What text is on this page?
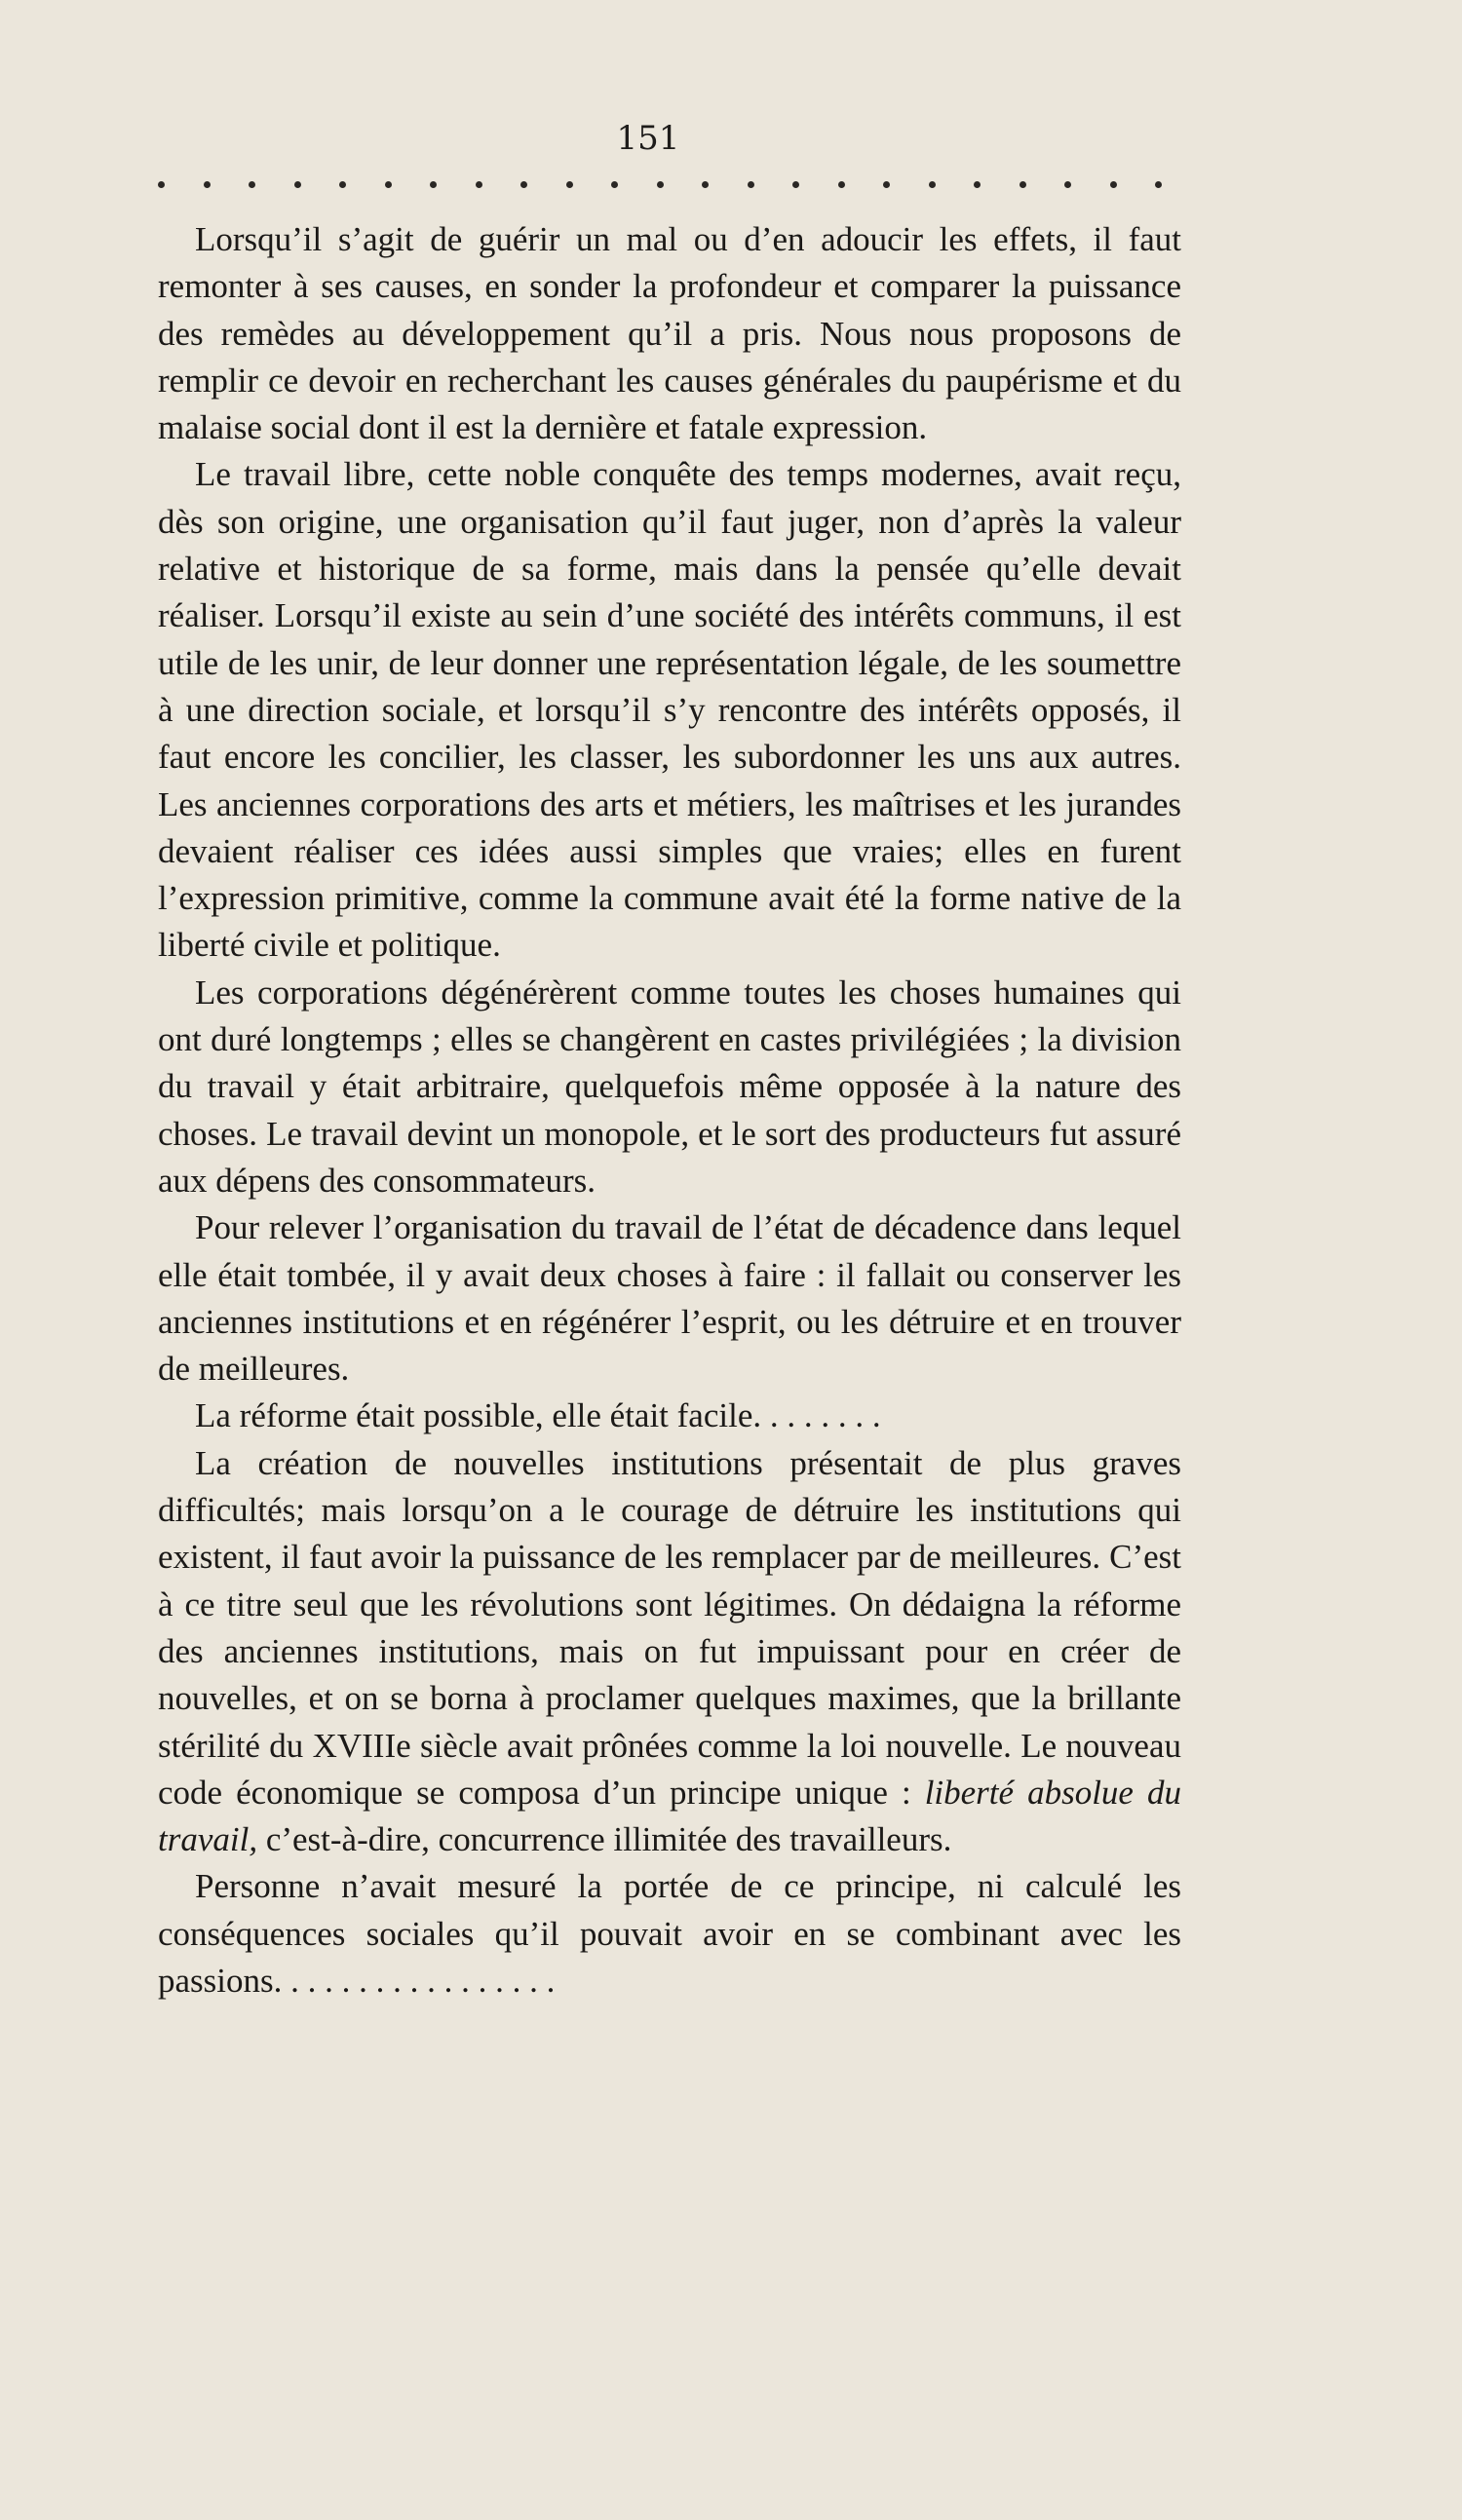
151

Lorsqu’il s’agit de guérir un mal ou d’en adoucir les effets, il faut remonter à ses causes, en sonder la profondeur et comparer la puissance des remèdes au développement qu’il a pris. Nous nous proposons de remplir ce devoir en recherchant les causes générales du paupérisme et du malaise social dont il est la dernière et fatale expression.

Le travail libre, cette noble conquête des temps modernes, avait reçu, dès son origine, une organisation qu’il faut juger, non d’après la valeur relative et historique de sa forme, mais dans la pensée qu’elle devait réaliser. Lorsqu’il existe au sein d’une société des intérêts communs, il est utile de les unir, de leur donner une représentation légale, de les soumettre à une direction sociale, et lorsqu’il s’y rencontre des intérêts opposés, il faut encore les concilier, les classer, les subordonner les uns aux autres. Les anciennes corporations des arts et métiers, les maîtrises et les jurandes devaient réaliser ces idées aussi simples que vraies; elles en furent l’expression primitive, comme la commune avait été la forme native de la liberté civile et politique.

Les corporations dégénérèrent comme toutes les choses humaines qui ont duré longtemps ; elles se changèrent en castes privilégiées ; la division du travail y était arbitraire, quelquefois même opposée à la nature des choses. Le travail devint un monopole, et le sort des producteurs fut assuré aux dépens des consommateurs.

Pour relever l’organisation du travail de l’état de décadence dans lequel elle était tombée, il y avait deux choses à faire : il fallait ou conserver les anciennes institutions et en régénérer l’esprit, ou les détruire et en trouver de meilleures.

La réforme était possible, elle était facile. . . . . . . .

La création de nouvelles institutions présentait de plus graves difficultés; mais lorsqu’on a le courage de détruire les institutions qui existent, il faut avoir la puissance de les remplacer par de meilleures. C’est à ce titre seul que les révolutions sont légitimes. On dédaigna la réforme des anciennes institutions, mais on fut impuissant pour en créer de nouvelles, et on se borna à proclamer quelques maximes, que la brillante stérilité du XVIIIe siècle avait prônées comme la loi nouvelle. Le nouveau code économique se composa d’un principe unique : liberté absolue du travail, c’est-à-dire, concurrence illimitée des travailleurs.

Personne n’avait mesuré la portée de ce principe, ni calculé les conséquences sociales qu’il pouvait avoir en se combinant avec les passions. . . . . . . . . . . . . . . . .
